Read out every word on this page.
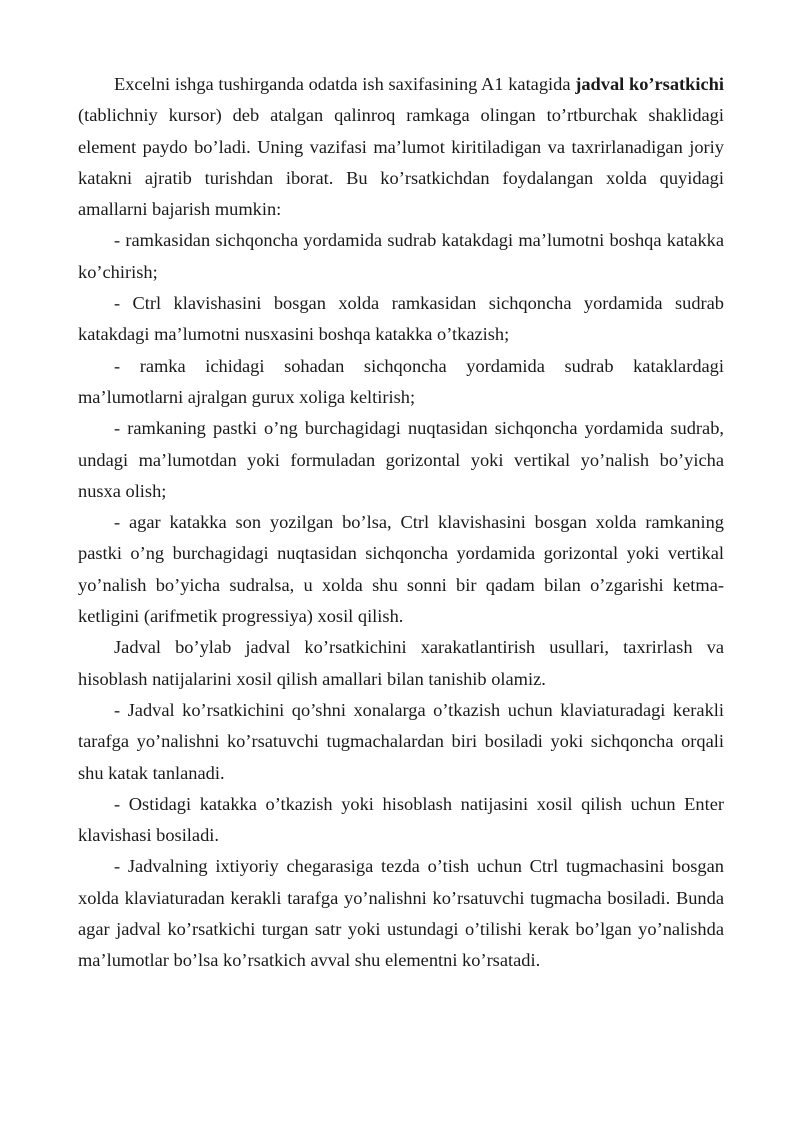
Excelni ishga tushirganda odatda ish saxifasining A1 katagida jadval ko’rsatkichi (tablichniy kursor) deb atalgan qalinroq ramkaga olingan to’rtburchak shaklidagi element paydo bo’ladi. Uning vazifasi ma’lumot kiritiladigan va taxrirlanadigan joriy katakni ajratib turishdan iborat. Bu ko’rsatkichdan foydalangan xolda quyidagi amallarni bajarish mumkin:

- ramkasidan sichqoncha yordamida sudrab katakdagi ma’lumotni boshqa katakka ko’chirish;

- Ctrl klavishasini bosgan xolda ramkasidan sichqoncha yordamida sudrab katakdagi ma’lumotni nusxasini boshqa katakka o’tkazish;

- ramka ichidagi sohadan sichqoncha yordamida sudrab kataklardagi ma’lumotlarni ajralgan gurux xoliga keltirish;

- ramkaning pastki o’ng burchagidagi nuqtasidan sichqoncha yordamida sudrab, undagi ma’lumotdan yoki formuladan gorizontal yoki vertikal yo’nalish bo’yicha nusxa olish;

- agar katakka son yozilgan bo’lsa, Ctrl klavishasini bosgan xolda ramkaning pastki o’ng burchagidagi nuqtasidan sichqoncha yordamida gorizontal yoki vertikal yo’nalish bo’yicha sudralsa, u xolda shu sonni bir qadam bilan o’zgarishi ketma-ketligini (arifmetik progressiya) xosil qilish.

Jadval bo’ylab jadval ko’rsatkichini xarakatlantirish usullari, taxrirlash va hisoblash natijalarini xosil qilish amallari bilan tanishib olamiz.

- Jadval ko’rsatkichini qo’shni xonalarga o’tkazish uchun klaviaturadagi kerakli tarafga yo’nalishni ko’rsatuvchi tugmachalardan biri bosiladi yoki sichqoncha orqali shu katak tanlanadi.

- Ostidagi katakka o’tkazish yoki hisoblash natijasini xosil qilish uchun Enter klavishasi bosiladi.

- Jadvalning ixtiyoriy chegarasiga tezda o’tish uchun Ctrl tugmachasini bosgan xolda klaviaturadan kerakli tarafga yo’nalishni ko’rsatuvchi tugmacha bosiladi. Bunda agar jadval ko’rsatkichi turgan satr yoki ustundagi o’tilishi kerak bo’lgan yo’nalishda ma’lumotlar bo’lsa ko’rsatkich avval shu elementni ko’rsatadi.
